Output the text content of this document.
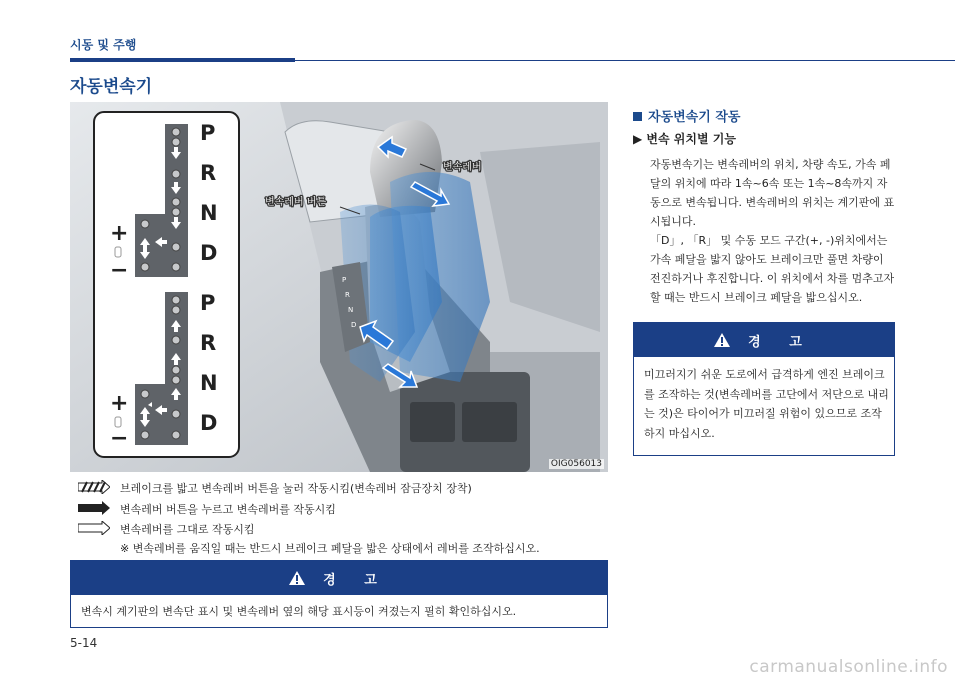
시동 및 주행
자동변속기
P
R
N
D
변속레버
변속레버 버튼
P
R
N
D
P
R
N
D
+
−
+
−
OIG056013
브레이크를 밟고 변속레버 버튼을 눌러 작동시킴(변속레버 잠금장치 장착)
변속레버 버튼을 누르고 변속레버를 작동시킴
변속레버를 그대로 작동시킴
※ 변속레버를 움직일 때는 반드시 브레이크 페달을 밟은 상태에서 레버를 조작하십시오.
경 고
변속시 계기판의 변속단 표시 및 변속레버 옆의 해당 표시등이 켜졌는지 필히 확인하십시오.
5-14
자동변속기 작동
▶ 변속 위치별 기능

자동변속기는 변속레버의 위치, 차량 속도, 가속 페달의 위치에 따라 1속~6속 또는 1속~8속까지 자동으로 변속됩니다. 변속레버의 위치는 계기판에 표시됩니다.

「D」, 「R」 및 수동 모드 구간(+, -)위치에서는 가속 페달을 밟지 않아도 브레이크만 풀면 차량이 전진하거나 후진합니다. 이 위치에서 차를 멈추고자 할 때는 반드시 브레이크 페달을 밟으십시오.

경 고
미끄러지기 쉬운 도로에서 급격하게 엔진 브레이크를 조작하는 것(변속레버를 고단에서 저단으로 내리는 것)은 타이어가 미끄러질 위험이 있으므로 조작하지 마십시오.
carmanualsonline.info
